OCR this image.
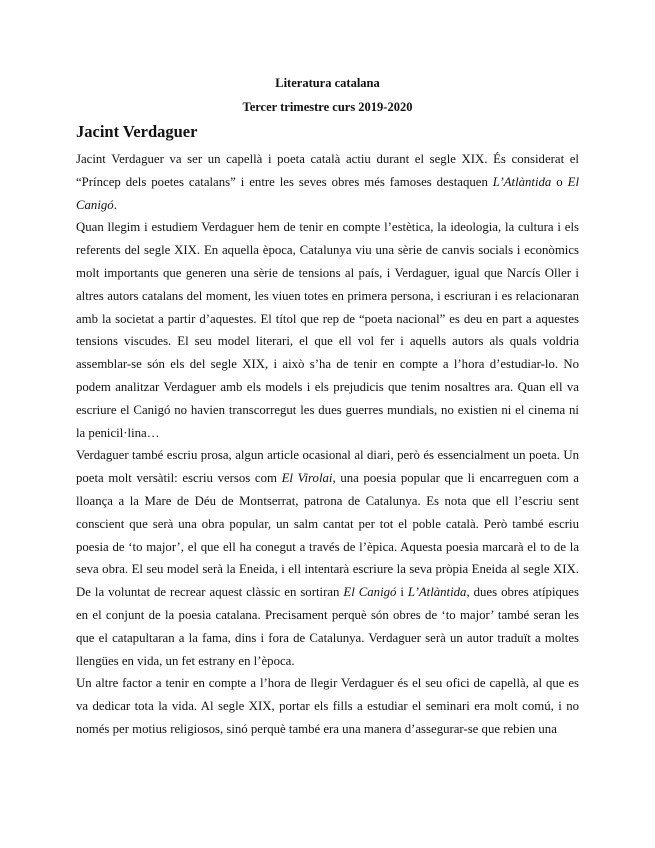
Literatura catalana
Tercer trimestre curs 2019-2020
Jacint Verdaguer

Jacint Verdaguer va ser un capellà i poeta català actiu durant el segle XIX. És considerat el “Príncep dels poetes catalans” i entre les seves obres més famoses destaquen L’Atlàntida o El Canigó.

Quan llegim i estudiem Verdaguer hem de tenir en compte l’estètica, la ideologia, la cultura i els referents del segle XIX. En aquella època, Catalunya viu una sèrie de canvis socials i econòmics molt importants que generen una sèrie de tensions al país, i Verdaguer, igual que Narcís Oller i altres autors catalans del moment, les viuen totes en primera persona, i escriuran i es relacionaran amb la societat a partir d’aquestes. El títol que rep de “poeta nacional” es deu en part a aquestes tensions viscudes. El seu model literari, el que ell vol fer i aquells autors als quals voldria assemblar-se són els del segle XIX, i això s’ha de tenir en compte a l’hora d’estudiar-lo. No podem analitzar Verdaguer amb els models i els prejudicis que tenim nosaltres ara. Quan ell va escriure el Canigó no havien transcorregut les dues guerres mundials, no existien ni el cinema ni la penicil·lina…

Verdaguer també escriu prosa, algun article ocasional al diari, però és essencialment un poeta. Un poeta molt versàtil: escriu versos com El Virolai, una poesia popular que li encarreguen com a lloança a la Mare de Déu de Montserrat, patrona de Catalunya. Es nota que ell l’escriu sent conscient que serà una obra popular, un salm cantat per tot el poble català. Però també escriu poesia de ‘to major’, el que ell ha conegut a través de l’èpica. Aquesta poesia marcarà el to de la seva obra. El seu model serà la Eneida, i ell intentarà escriure la seva pròpia Eneida al segle XIX. De la voluntat de recrear aquest clàssic en sortiran El Canigó i L’Atlàntida, dues obres atípiques en el conjunt de la poesia catalana. Precisament perquè són obres de ‘to major’ també seran les que el catapultaran a la fama, dins i fora de Catalunya. Verdaguer serà un autor traduït a moltes llengües en vida, un fet estrany en l’època.

Un altre factor a tenir en compte a l’hora de llegir Verdaguer és el seu ofici de capellà, al que es va dedicar tota la vida. Al segle XIX, portar els fills a estudiar el seminari era molt comú, i no només per motius religiosos, sinó perquè també era una manera d’assegurar-se que rebien una
